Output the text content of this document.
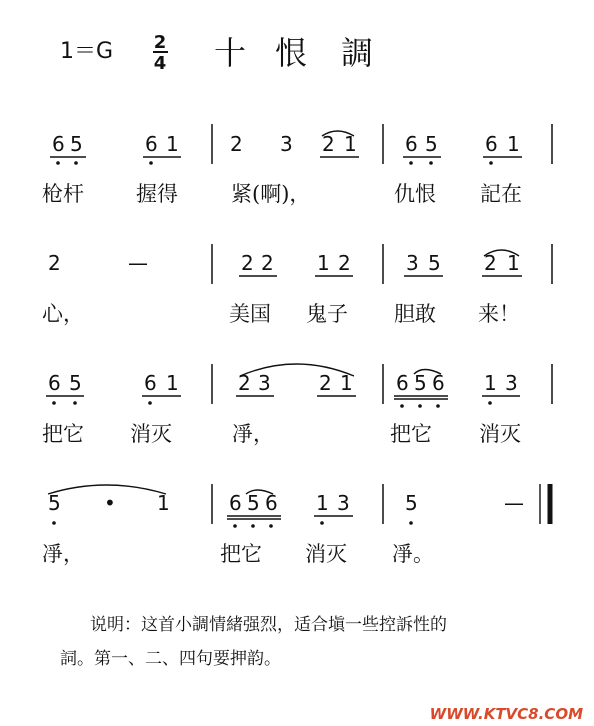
1＝G 2
4 十 恨 調
6 5	6 1	2 3 2 1 6 5 6 1
枪杆 握得	紧(啊)，	仇恨 記在
2	—	2 2 1 2	3 5 2 1
心，	美国 鬼子 胆敢 来！
6 5	6 1	2 3 2 1 6 5 6 1 3
把它 消灭	凈，	把它 消灭
5 • 1	6 5 6 1 3	5	—
凈，	把它 消灭 凈。
说明：这首小調情緒强烈，适合塡一些控訴性的
詞。第一、二、四句要押韵。
WWW.KTVC8.COM
